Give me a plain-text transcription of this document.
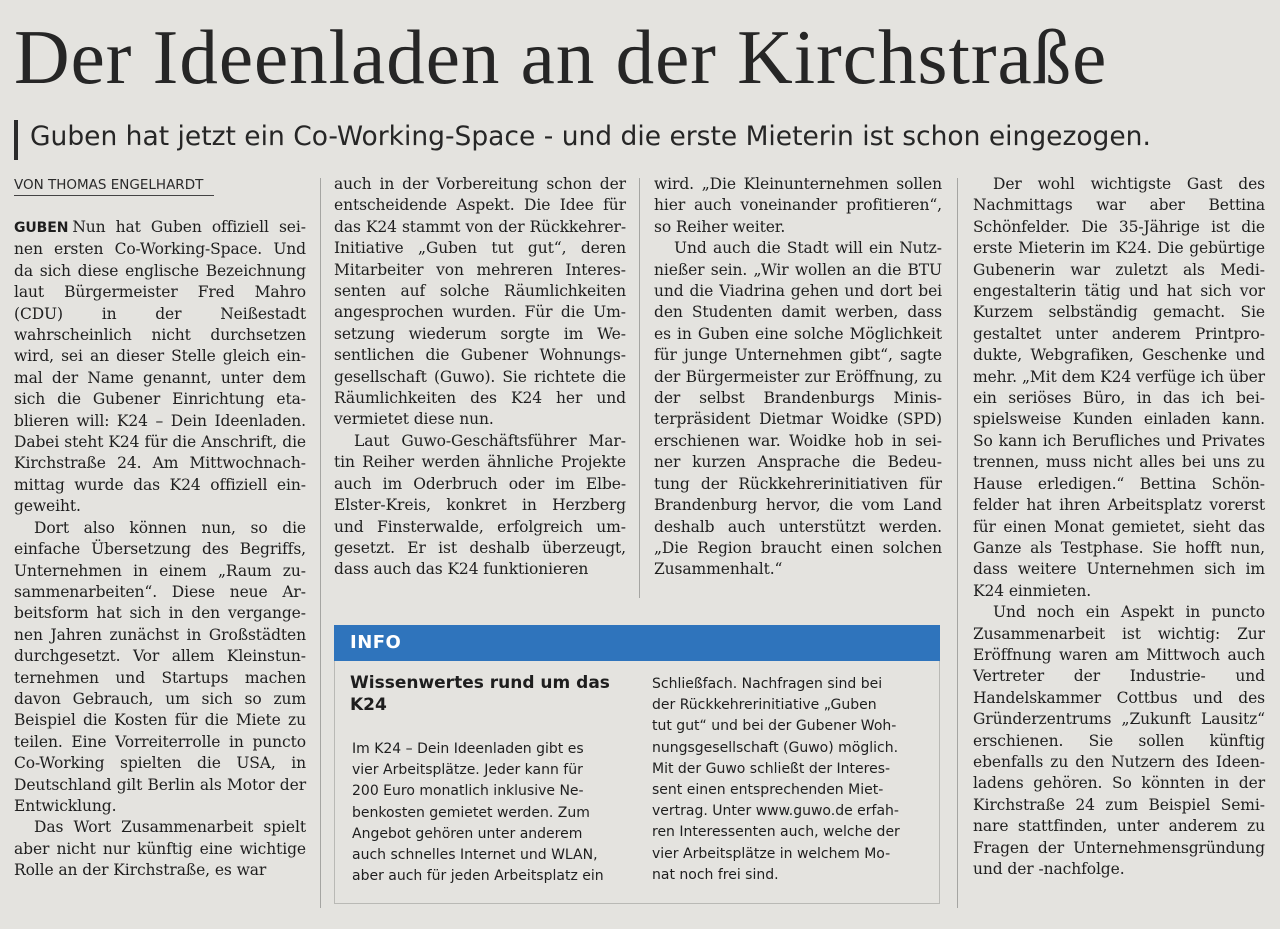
Der Ideenladen an der Kirchstraße
Guben hat jetzt ein Co-Working-Space - und die erste Mieterin ist schon eingezogen.
VON THOMAS ENGELHARDT

GUBEN Nun hat Guben offiziell seinen ersten Co-Working-Space. Und da sich diese englische Bezeichnung laut Bürgermeister Fred Mahro (CDU) in der Neißestadt wahrscheinlich nicht durchsetzen wird, sei an dieser Stelle gleich einmal der Name genannt, unter dem sich die Gubener Einrichtung etablieren will: K24 – Dein Ideenladen. Dabei steht K24 für die Anschrift, die Kirchstraße 24. Am Mittwochnachmittag wurde das K24 offiziell eingeweiht.

Dort also können nun, so die einfache Übersetzung des Begriffs, Unternehmen in einem „Raum zusammenarbeiten“. Diese neue Arbeitsform hat sich in den vergangenen Jahren zunächst in Großstädten durchgesetzt. Vor allem Kleinstunternehmen und Startups machen davon Gebrauch, um sich so zum Beispiel die Kosten für die Miete zu teilen. Eine Vorreiterrolle in puncto Co-Working spielten die USA, in Deutschland gilt Berlin als Motor der Entwicklung.

Das Wort Zusammenarbeit spielt aber nicht nur künftig eine wichtige Rolle an der Kirchstraße, es war

auch in der Vorbereitung schon der entscheidende Aspekt. Die Idee für das K24 stammt von der Rückkehrer-Initiative „Guben tut gut“, deren Mitarbeiter von mehreren Interessenten auf solche Räumlichkeiten angesprochen wurden. Für die Umsetzung wiederum sorgte im Wesentlichen die Gubener Wohnungsgesellschaft (Guwo). Sie richtete die Räumlichkeiten des K24 her und vermietet diese nun.

Laut Guwo-Geschäftsführer Martin Reiher werden ähnliche Projekte auch im Oderbruch oder im Elbe-Elster-Kreis, konkret in Herzberg und Finsterwalde, erfolgreich umgesetzt. Er ist deshalb überzeugt, dass auch das K24 funktionieren

wird. „Die Kleinunternehmen sollen hier auch voneinander profitieren“, so Reiher weiter.

Und auch die Stadt will ein Nutznießer sein. „Wir wollen an die BTU und die Viadrina gehen und dort bei den Studenten damit werben, dass es in Guben eine solche Möglichkeit für junge Unternehmen gibt“, sagte der Bürgermeister zur Eröffnung, zu der selbst Brandenburgs Ministerpräsident Dietmar Woidke (SPD) erschienen war. Woidke hob in seiner kurzen Ansprache die Bedeutung der Rückkehrerinitiativen für Brandenburg hervor, die vom Land deshalb auch unterstützt werden. „Die Region braucht einen solchen Zusammenhalt.“

Der wohl wichtigste Gast des Nachmittags war aber Bettina Schönfelder. Die 35-Jährige ist die erste Mieterin im K24. Die gebürtige Gubenerin war zuletzt als Mediengestalterin tätig und hat sich vor Kurzem selbständig gemacht. Sie gestaltet unter anderem Printprodukte, Webgrafiken, Geschenke und mehr. „Mit dem K24 verfüge ich über ein seriöses Büro, in das ich beispielsweise Kunden einladen kann. So kann ich Berufliches und Privates trennen, muss nicht alles bei uns zu Hause erledigen.“ Bettina Schönfelder hat ihren Arbeitsplatz vorerst für einen Monat gemietet, sieht das Ganze als Testphase. Sie hofft nun, dass weitere Unternehmen sich im K24 einmieten.

Und noch ein Aspekt in puncto Zusammenarbeit ist wichtig: Zur Eröffnung waren am Mittwoch auch Vertreter der Industrie- und Handelskammer Cottbus und des Gründerzentrums „Zukunft Lausitz“ erschienen. Sie sollen künftig ebenfalls zu den Nutzern des Ideenladens gehören. So könnten in der Kirchstraße 24 zum Beispiel Seminare stattfinden, unter anderem zu Fragen der Unternehmensgründung und der -nachfolge.

INFO
Wissenwertes rund um das K24
Im K24 – Dein Ideenladen gibt es
vier Arbeitsplätze. Jeder kann für
200 Euro monatlich inklusive Ne-
benkosten gemietet werden. Zum
Angebot gehören unter anderem
auch schnelles Internet und WLAN,
aber auch für jeden Arbeitsplatz ein
Schließfach. Nachfragen sind bei
der Rückkehrerinitiative „Guben
tut gut“ und bei der Gubener Woh-
nungsgesellschaft (Guwo) möglich.
Mit der Guwo schließt der Interes-
sent einen entsprechenden Miet-
vertrag. Unter www.guwo.de erfah-
ren Interessenten auch, welche der
vier Arbeitsplätze in welchem Mo-
nat noch frei sind.
